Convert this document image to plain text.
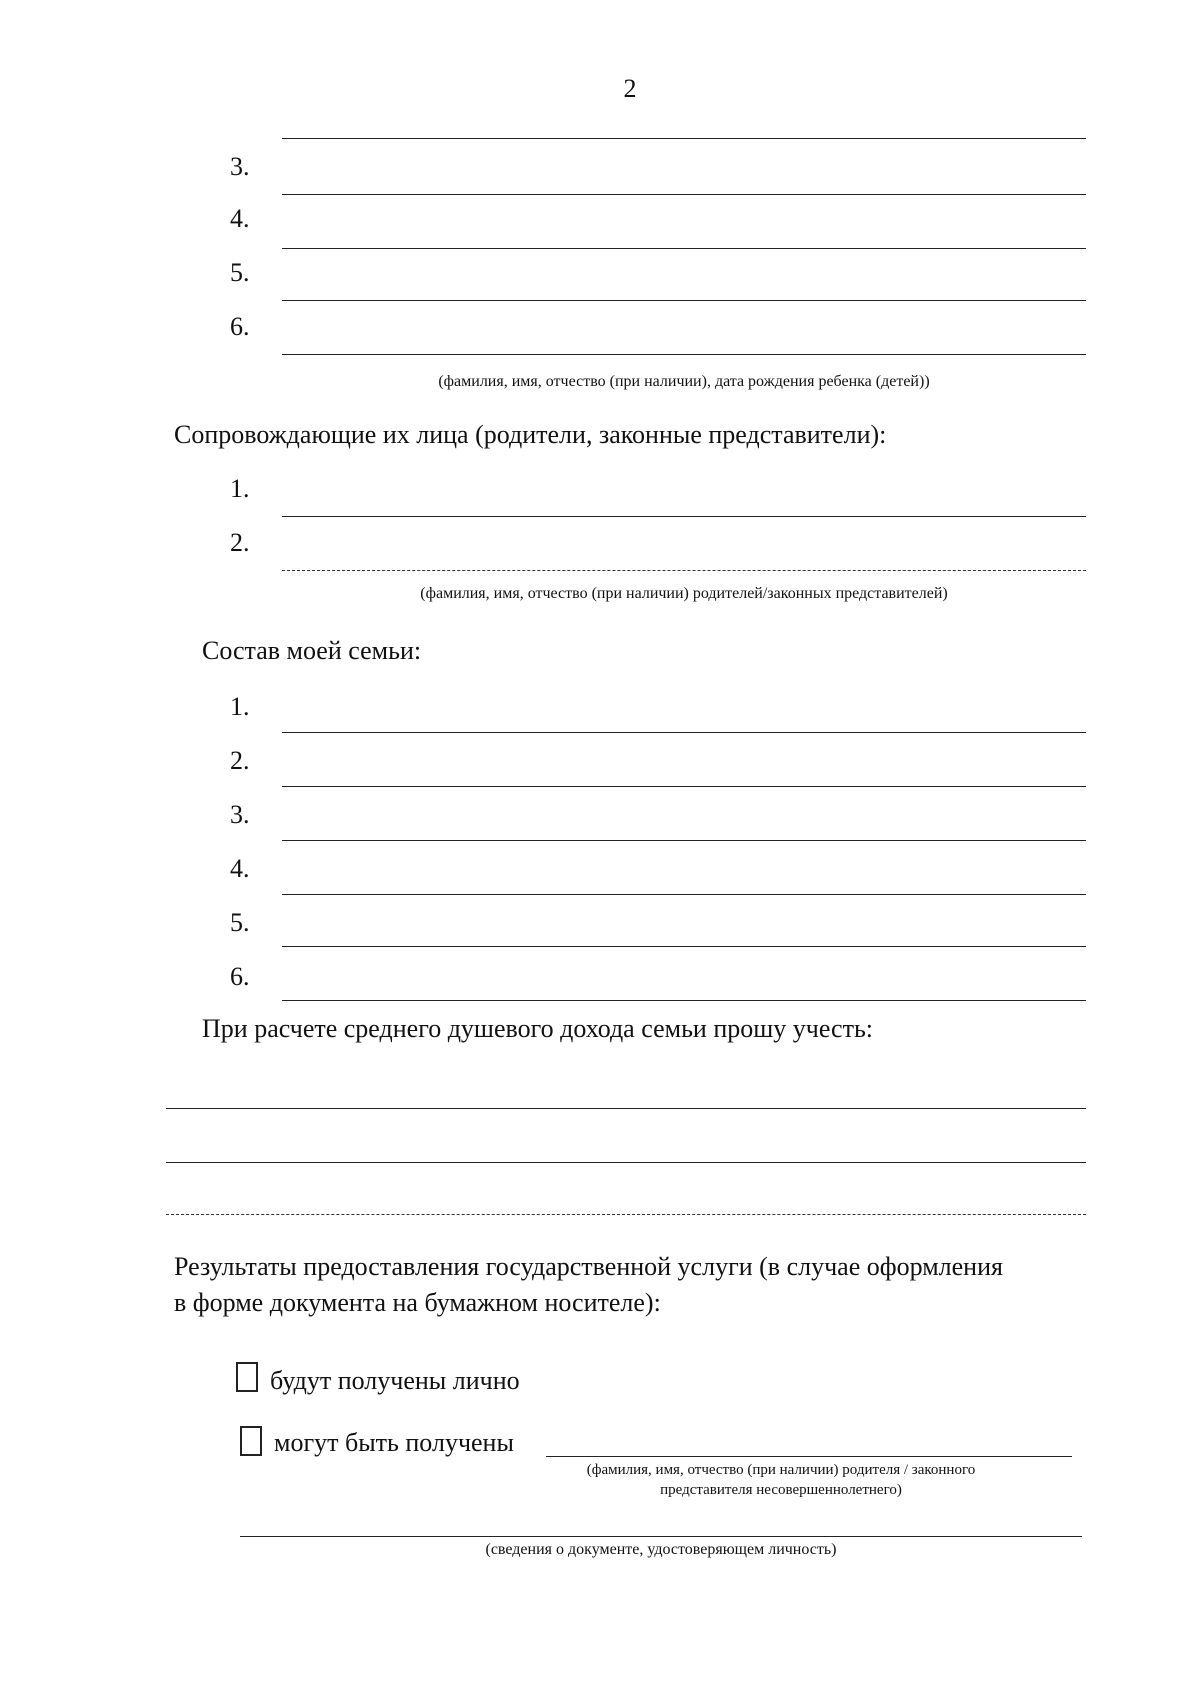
2
3.
4.
5.
6.
(фамилия, имя, отчество (при наличии), дата рождения ребенка (детей))
Сопровождающие их лица (родители, законные представители):
1.
2.
(фамилия, имя, отчество (при наличии) родителей/законных представителей)
Состав моей семьи:
1.
2.
3.
4.
5.
6.
При расчете среднего душевого дохода семьи прошу учесть:
Результаты предоставления государственной услуги (в случае оформления
в форме документа на бумажном носителе):
будут получены лично
могут быть получены
(фамилия, имя, отчество (при наличии) родителя / законного
представителя несовершеннолетнего)
(сведения о документе, удостоверяющем личность)
